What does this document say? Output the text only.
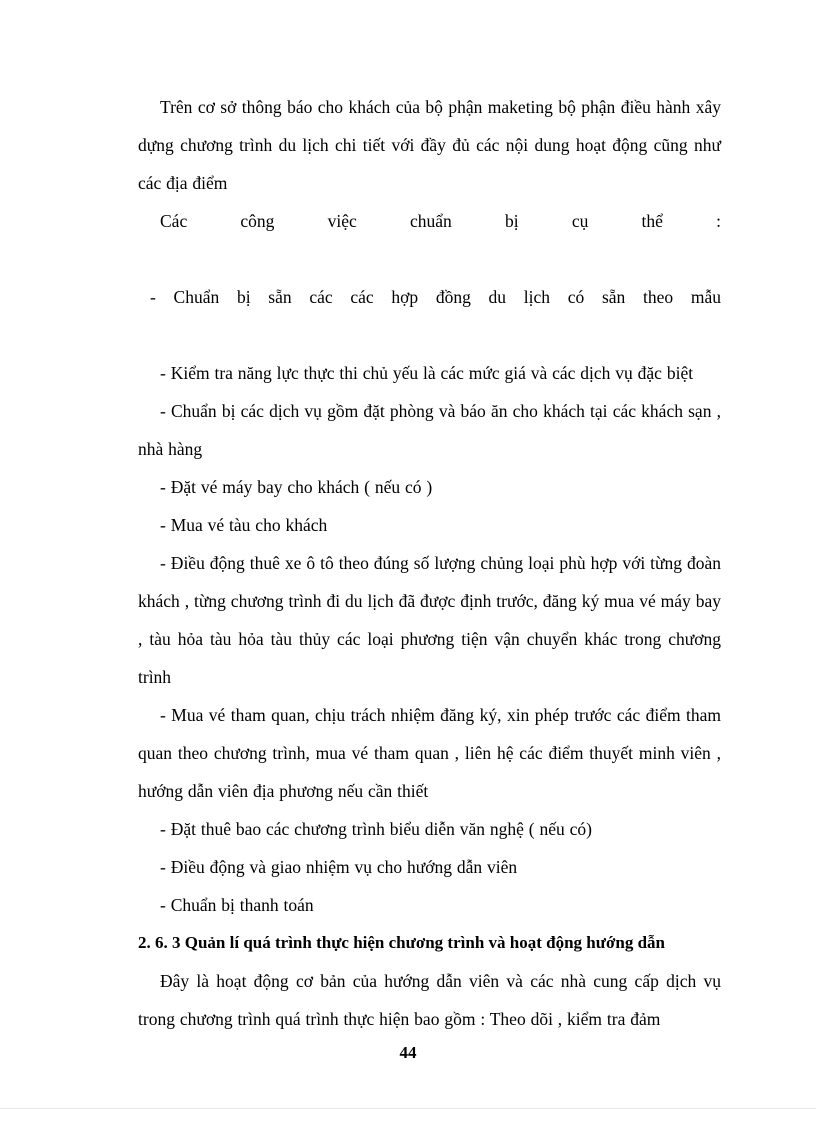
Trên cơ sở thông báo cho khách của bộ phận maketing bộ phận điều hành xây dựng chương trình du lịch chi tiết với đầy đủ các nội dung hoạt động cũng như các địa điểm

Các công việc chuẩn bị cụ thể :

- Chuẩn bị sẵn các các hợp đồng du lịch có sẵn theo mẫu

- Kiểm tra năng lực thực thi chủ yếu là các mức giá và các dịch vụ đặc biệt

- Chuẩn bị các dịch vụ gồm đặt phòng và báo ăn cho khách tại các khách sạn , nhà hàng

- Đặt vé máy bay cho khách ( nếu có )

- Mua vé tàu cho khách

- Điều động thuê xe ô tô theo đúng số lượng chủng loại phù hợp với từng đoàn khách , từng chương trình đi du lịch đã được định trước, đăng ký mua vé máy bay , tàu hỏa tàu hỏa tàu thủy các loại phương tiện vận chuyển khác trong chương trình

- Mua vé tham quan, chịu trách nhiệm đăng ký, xin phép trước các điểm tham quan theo chương trình, mua vé tham quan , liên hệ các điểm thuyết minh viên , hướng dẫn viên địa phương nếu cần thiết

- Đặt thuê bao các chương trình biểu diễn văn nghệ ( nếu có)

- Điều động và giao nhiệm vụ cho hướng dẫn viên

- Chuẩn bị thanh toán

2. 6. 3 Quản lí quá trình thực hiện chương trình và hoạt động hướng dẫn

Đây là hoạt động cơ bản của hướng dẫn viên và các nhà cung cấp dịch vụ trong chương trình quá trình thực hiện bao gồm : Theo dõi , kiểm tra đảm

44
